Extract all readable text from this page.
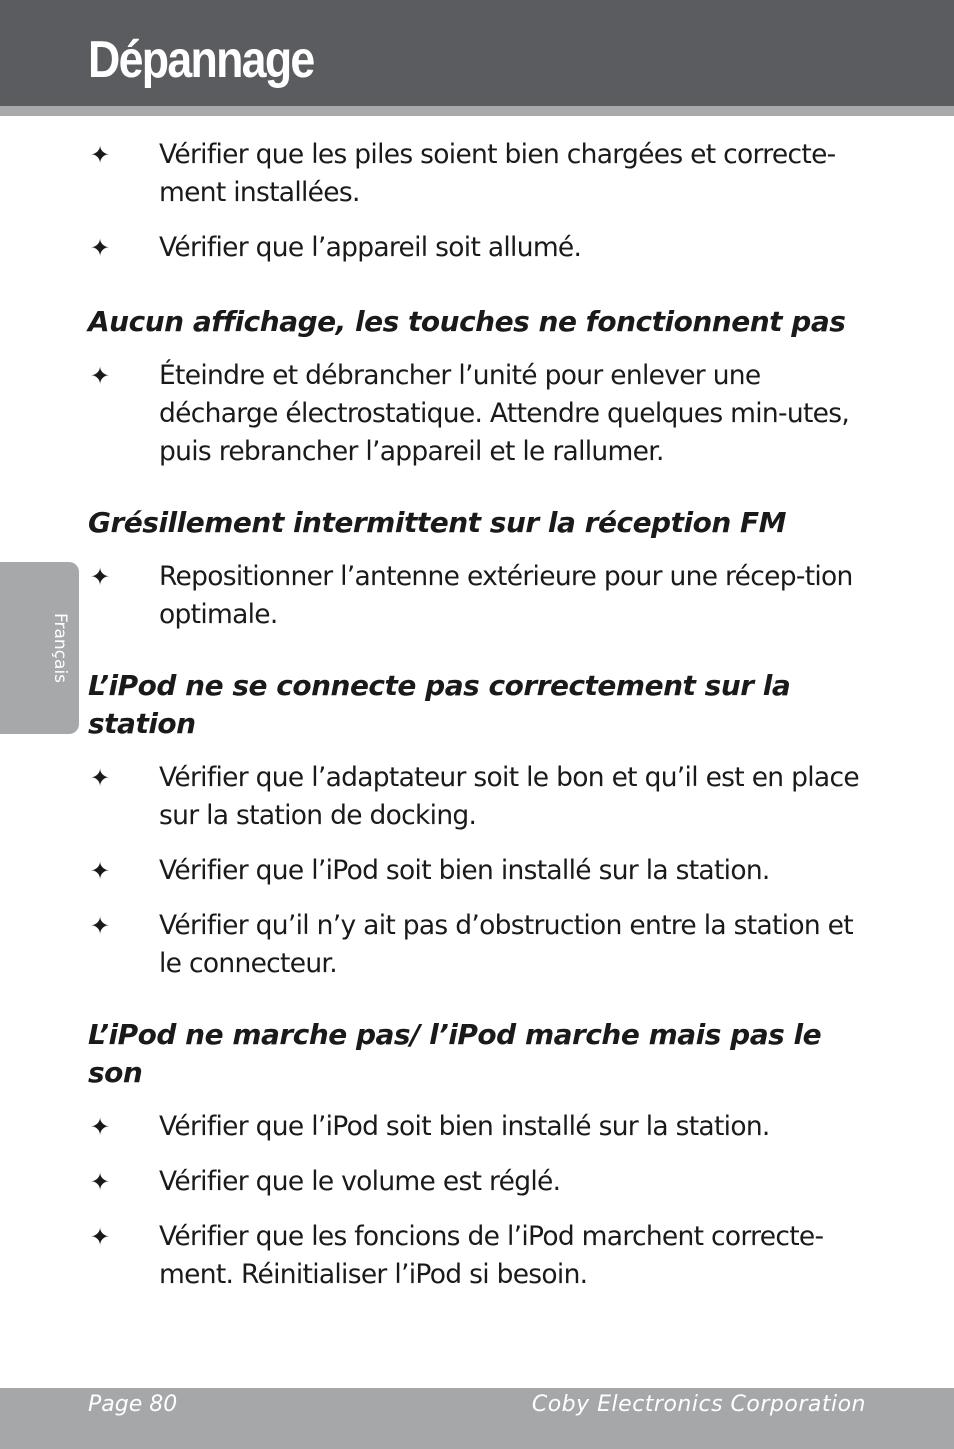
Dépannage
Français
✦ Vérifier que les piles soient bien chargées et correcte-
ment installées.
✦ Vérifier que l’appareil soit allumé.
Aucun affichage, les touches ne fonctionnent pas
✦ Éteindre et débrancher l’unité pour enlever une décharge électrostatique. Attendre quelques min-utes, puis rebrancher l’appareil et le rallumer.
Grésillement intermittent sur la réception FM
✦ Repositionner l’antenne extérieure pour une récep-tion optimale.
L’iPod ne se connecte pas correctement sur la station
✦ Vérifier que l’adaptateur soit le bon et qu’il est en place sur la station de docking.
✦ Vérifier que l’iPod soit bien installé sur la station.
✦ Vérifier qu’il n’y ait pas d’obstruction entre la station et le connecteur.
L’iPod ne marche pas/ l’iPod marche mais pas le son
✦ Vérifier que l’iPod soit bien installé sur la station.
✦ Vérifier que le volume est réglé.
✦ Vérifier que les foncions de l’iPod marchent correcte-ment. Réinitialiser l’iPod si besoin.
Page 80	Coby Electronics Corporation
